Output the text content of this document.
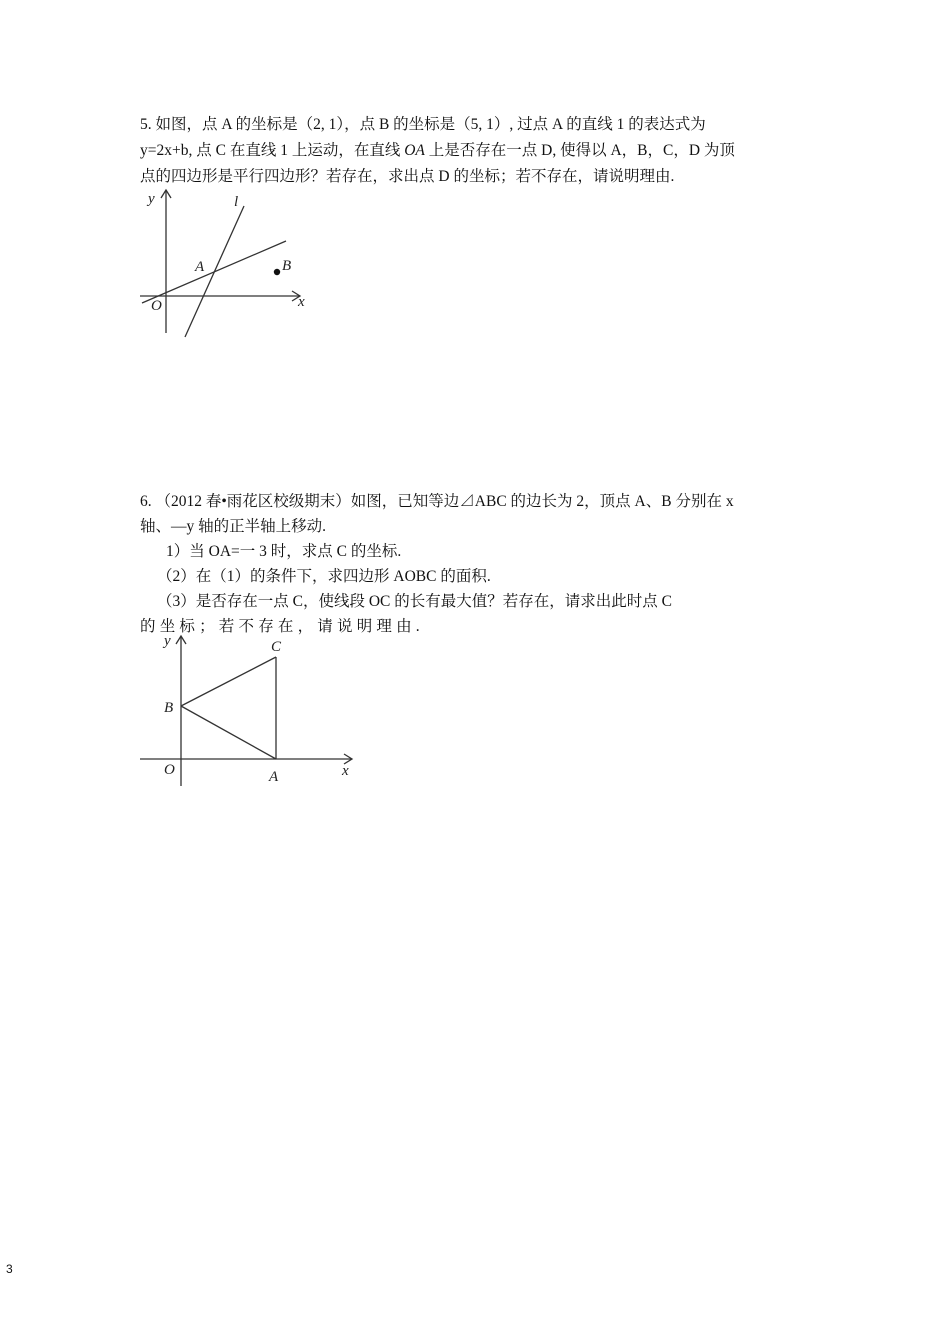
5. 如图，点 A 的坐标是（2, 1），点 B 的坐标是（5, 1）, 过点 A 的直线 1 的表达式为
y=2x+b, 点 C 在直线 1 上运动，在直线 OA 上是否存在一点 D, 使得以 A，B，C，D 为顶
点的四边形是平行四边形？若存在，求出点 D 的坐标；若不存在，请说明理由.
y	l
A	B
O	x
6. （2012 春•雨花区校级期末）如图，已知等边⊿ABC 的边长为 2，顶点 A、B 分别在 x
轴、—y 轴的正半轴上移动.
1）当 OA=一 3 时，求点 C 的坐标.
（2）在（1）的条件下，求四边形 AOBC 的面积.
（3）是否存在一点 C，使线段 OC 的长有最大值？若存在，请求出此时点 C
的坐标；若不存在，请说明理由.
y	C
B
O	A	x
3
